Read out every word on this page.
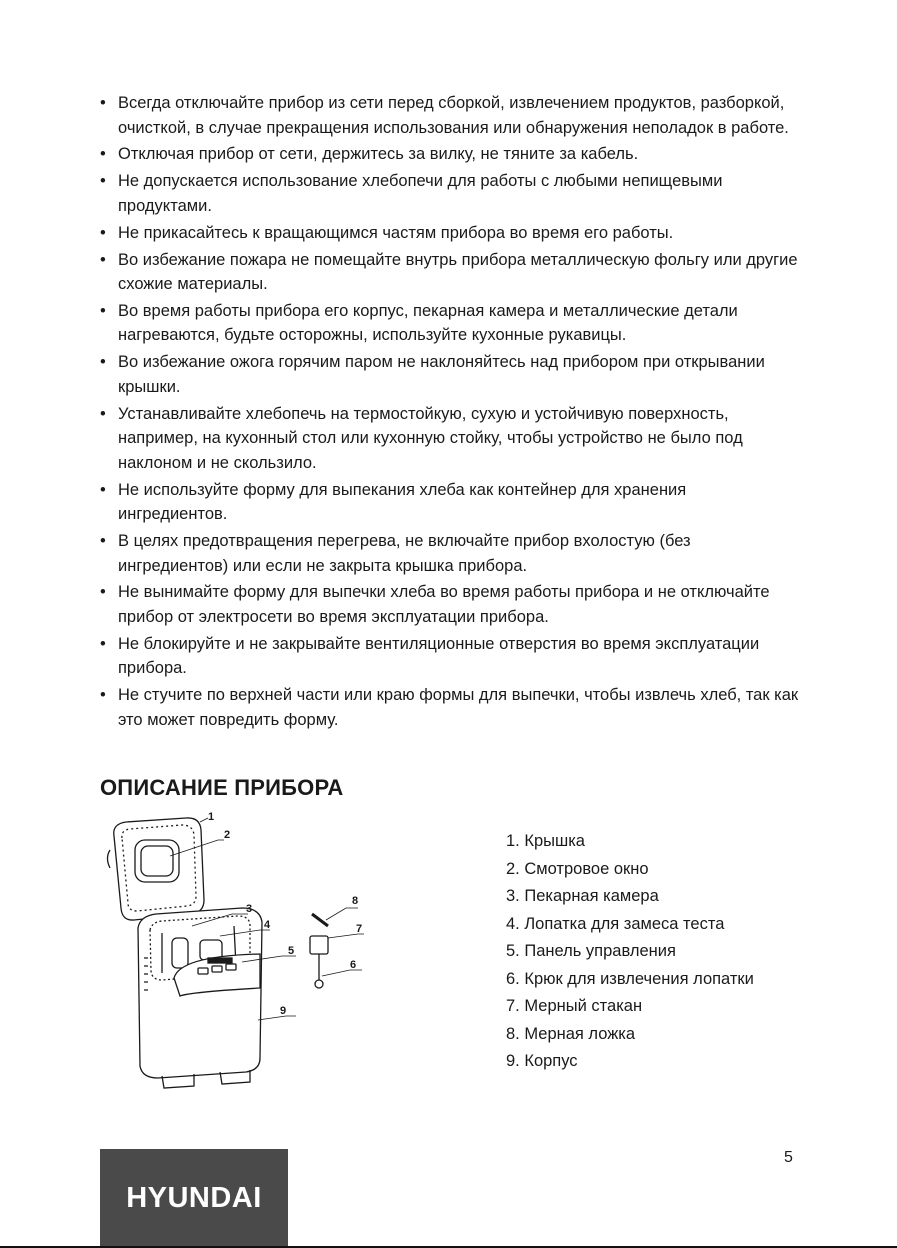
• Всегда отключайте прибор из сети перед сборкой, извлечением продуктов, разборкой, очисткой, в случае прекращения использования или обнаружения неполадок в работе.
• Отключая прибор от сети, держитесь за вилку, не тяните за кабель.
• Не допускается использование хлебопечи для работы с любыми непищевыми продуктами.
• Не прикасайтесь к вращающимся частям прибора во время его работы.
• Во избежание пожара не помещайте внутрь прибора металлическую фольгу или другие схожие материалы.
• Во время работы прибора его корпус, пекарная камера и металлические детали нагреваются, будьте осторожны, используйте кухонные рукавицы.
• Во избежание ожога горячим паром не наклоняйтесь над прибором при открывании крышки.
• Устанавливайте хлебопечь на термостойкую, сухую и устойчивую поверхность, например, на кухонный стол или кухонную стойку, чтобы устройство не было под наклоном и не скользило.
• Не используйте форму для выпекания хлеба как контейнер для хранения ингредиентов.
• В целях предотвращения перегрева, не включайте прибор вхолостую (без ингредиентов) или если не закрыта крышка прибора.
• Не вынимайте форму для выпечки хлеба во время работы прибора и не отключайте прибор от электросети во время эксплуатации прибора.
• Не блокируйте и не закрывайте вентиляционные отверстия во время эксплуатации прибора.
• Не стучите по верхней части или краю формы для выпечки, чтобы извлечь хлеб, так как это может повредить форму.
ОПИСАНИЕ ПРИБОРА
1
2
3
4
5
6
7
8
9
1. Крышка
2. Смотровое окно
3. Пекарная камера
4. Лопатка для замеса теста
5. Панель управления
6. Крюк для извлечения лопатки
7. Мерный стакан
8. Мерная ложка
9. Корпус
5
HYUNDAI
